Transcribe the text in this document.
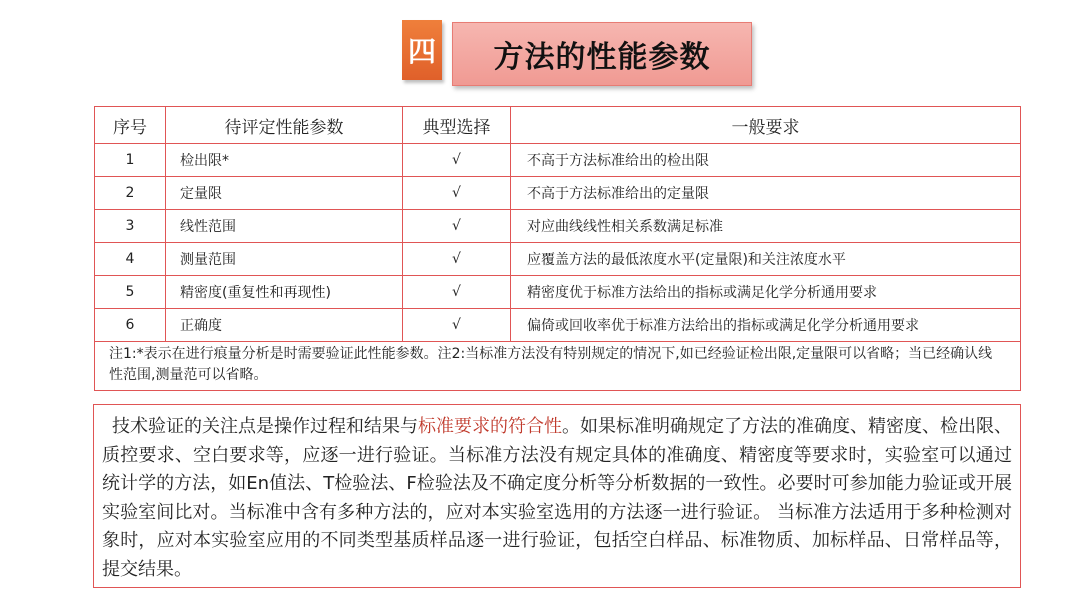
四 方法的性能参数
序号	待评定性能参数	典型选择	一般要求
1	检出限*	√	不高于方法标准给出的检出限
2	定量限	√	不高于方法标准给出的定量限
3	线性范围	√	对应曲线线性相关系数满足标准
4	测量范围	√	应覆盖方法的最低浓度水平(定量限)和关注浓度水平
5	精密度(重复性和再现性)	√	精密度优于标准方法给出的指标或满足化学分析通用要求
6	正确度	√	偏倚或回收率优于标准方法给出的指标或满足化学分析通用要求
注1:*表示在进行痕量分析是时需要验证此性能参数。注2:当标准方法没有特别规定的情况下,如已经验证检出限,定量限可以省略；当已经确认线性范围,测量范可以省略。			
技术验证的关注点是操作过程和结果与标准要求的符合性。如果标准明确规定了方法的准确度、精密度、检出限、质控要求、空白要求等，应逐一进行验证。当标准方法没有规定具体的准确度、精密度等要求时，实验室可以通过统计学的方法，如En值法、T检验法、F检验法及不确定度分析等分析数据的一致性。必要时可参加能力验证或开展实验室间比对。当标准中含有多种方法的，应对本实验室选用的方法逐一进行验证。 当标准方法适用于多种检测对象时，应对本实验室应用的不同类型基质样品逐一进行验证，包括空白样品、标准物质、加标样品、日常样品等，提交结果。
